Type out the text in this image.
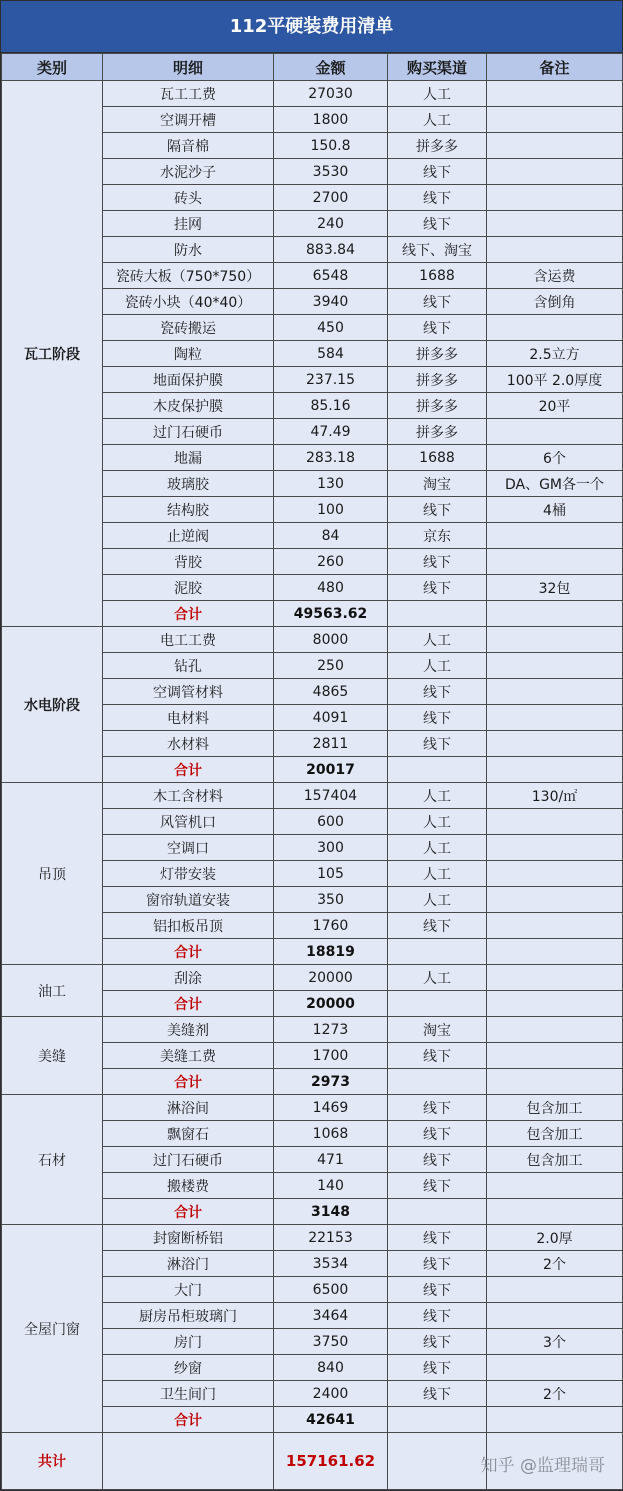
112平硬装费用清单
类别	明细	金额	购买渠道	备注
瓦工阶段	瓦工工费	27030	人工	
	空调开槽	1800	人工	
	隔音棉	150.8	拼多多	
	水泥沙子	3530	线下	
	砖头	2700	线下	
	挂网	240	线下	
	防水	883.84	线下、淘宝	
	瓷砖大板（750*750）	6548	1688	含运费
	瓷砖小块（40*40）	3940	线下	含倒角
	瓷砖搬运	450	线下	
	陶粒	584	拼多多	2.5立方
	地面保护膜	237.15	拼多多	100平 2.0厚度
	木皮保护膜	85.16	拼多多	20平
	过门石硬币	47.49	拼多多	
	地漏	283.18	1688	6个
	玻璃胶	130	淘宝	DA、GM各一个
	结构胶	100	线下	4桶
	止逆阀	84	京东	
	背胶	260	线下	
	泥胶	480	线下	32包
	合计	49563.62		
水电阶段	电工工费	8000	人工	
	钻孔	250	人工	
	空调管材料	4865	线下	
	电材料	4091	线下	
	水材料	2811	线下	
	合计	20017		
吊顶	木工含材料	157404	人工	130/㎡
	风管机口	600	人工	
	空调口	300	人工	
	灯带安装	105	人工	
	窗帘轨道安装	350	人工	
	铝扣板吊顶	1760	线下	
	合计	18819		
油工	刮涂	20000	人工	
	合计	20000		
美缝	美缝剂	1273	淘宝	
	美缝工费	1700	线下	
	合计	2973		
石材	淋浴间	1469	线下	包含加工
	飘窗石	1068	线下	包含加工
	过门石硬币	471	线下	包含加工
	搬楼费	140	线下	
	合计	3148		
全屋门窗	封窗断桥铝	22153	线下	2.0厚
	淋浴门	3534	线下	2个
	大门	6500	线下	
	厨房吊柜玻璃门	3464	线下	
	房门	3750	线下	3个
	纱窗	840	线下	
	卫生间门	2400	线下	2个
	合计	42641		
共计		157161.62			知乎 @监理瑞哥
